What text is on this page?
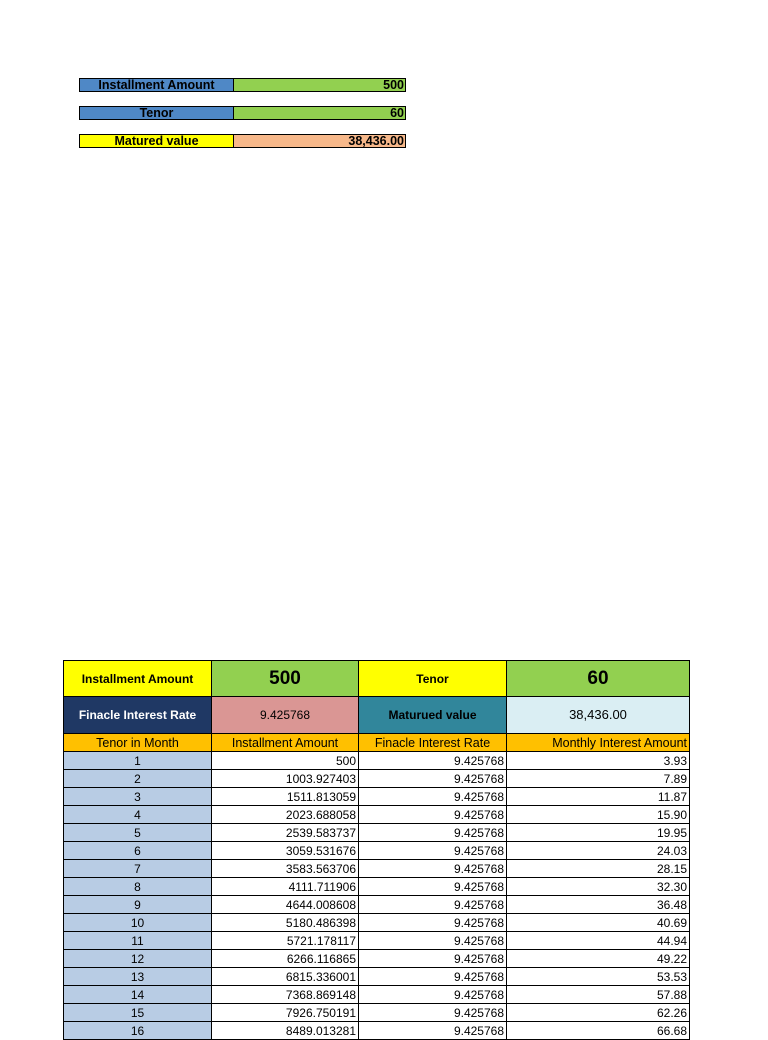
Installment Amount	500
Tenor	60
Matured value	38,436.00
Installment Amount	500	Tenor	60
Finacle Interest Rate	9.425768	Maturued value	38,436.00
Tenor in Month	Installment Amount	Finacle Interest Rate	Monthly Interest Amount
1	500	9.425768	3.93
2	1003.927403	9.425768	7.89
3	1511.813059	9.425768	11.87
4	2023.688058	9.425768	15.90
5	2539.583737	9.425768	19.95
6	3059.531676	9.425768	24.03
7	3583.563706	9.425768	28.15
8	4111.711906	9.425768	32.30
9	4644.008608	9.425768	36.48
10	5180.486398	9.425768	40.69
11	5721.178117	9.425768	44.94
12	6266.116865	9.425768	49.22
13	6815.336001	9.425768	53.53
14	7368.869148	9.425768	57.88
15	7926.750191	9.425768	62.26
16	8489.013281	9.425768	66.68
